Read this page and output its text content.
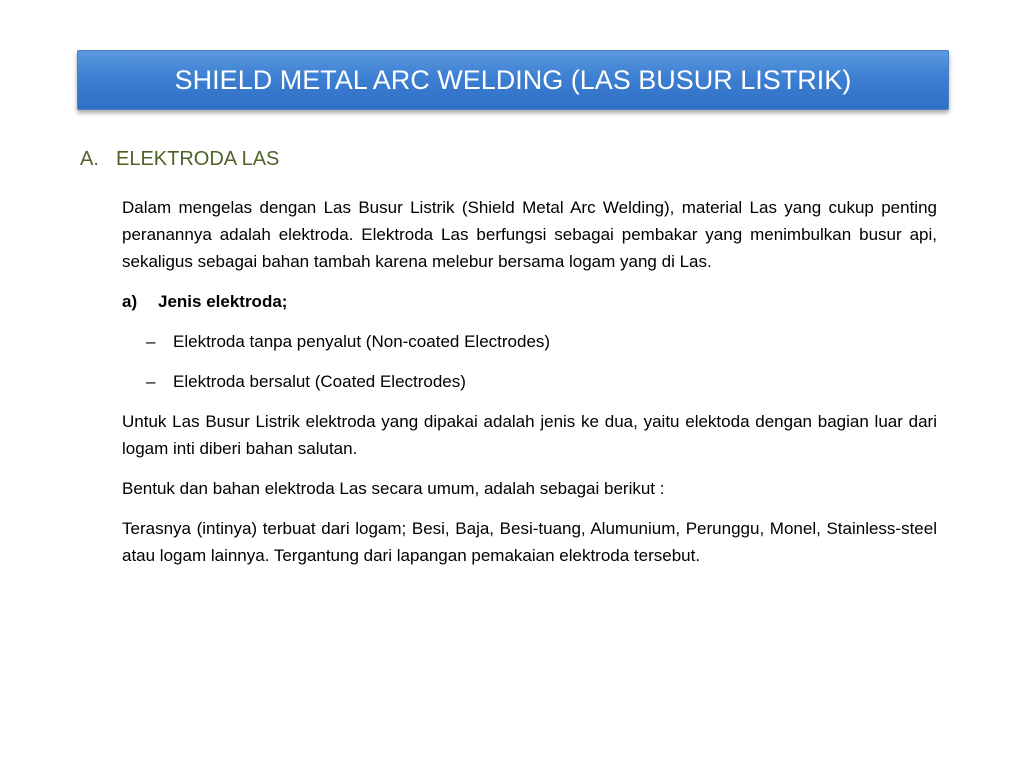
SHIELD METAL ARC WELDING (LAS BUSUR LISTRIK)
A. ELEKTRODA LAS

Dalam mengelas dengan Las Busur Listrik (Shield Metal Arc Welding), material Las yang cukup penting peranannya adalah elektroda. Elektroda Las berfungsi sebagai pembakar yang menimbulkan busur api, sekaligus sebagai bahan tambah karena melebur bersama logam yang di Las.

a) Jenis elektroda;
– Elektroda tanpa penyalut (Non-coated Electrodes)
– Elektroda bersalut (Coated Electrodes)

Untuk Las Busur Listrik elektroda yang dipakai adalah jenis ke dua, yaitu elektoda dengan bagian luar dari logam inti diberi bahan salutan.

Bentuk dan bahan elektroda Las secara umum, adalah sebagai berikut :

Terasnya (intinya) terbuat dari logam; Besi, Baja, Besi-tuang, Alumunium, Perunggu, Monel, Stainless-steel atau logam lainnya. Tergantung dari lapangan pemakaian elektroda tersebut.
